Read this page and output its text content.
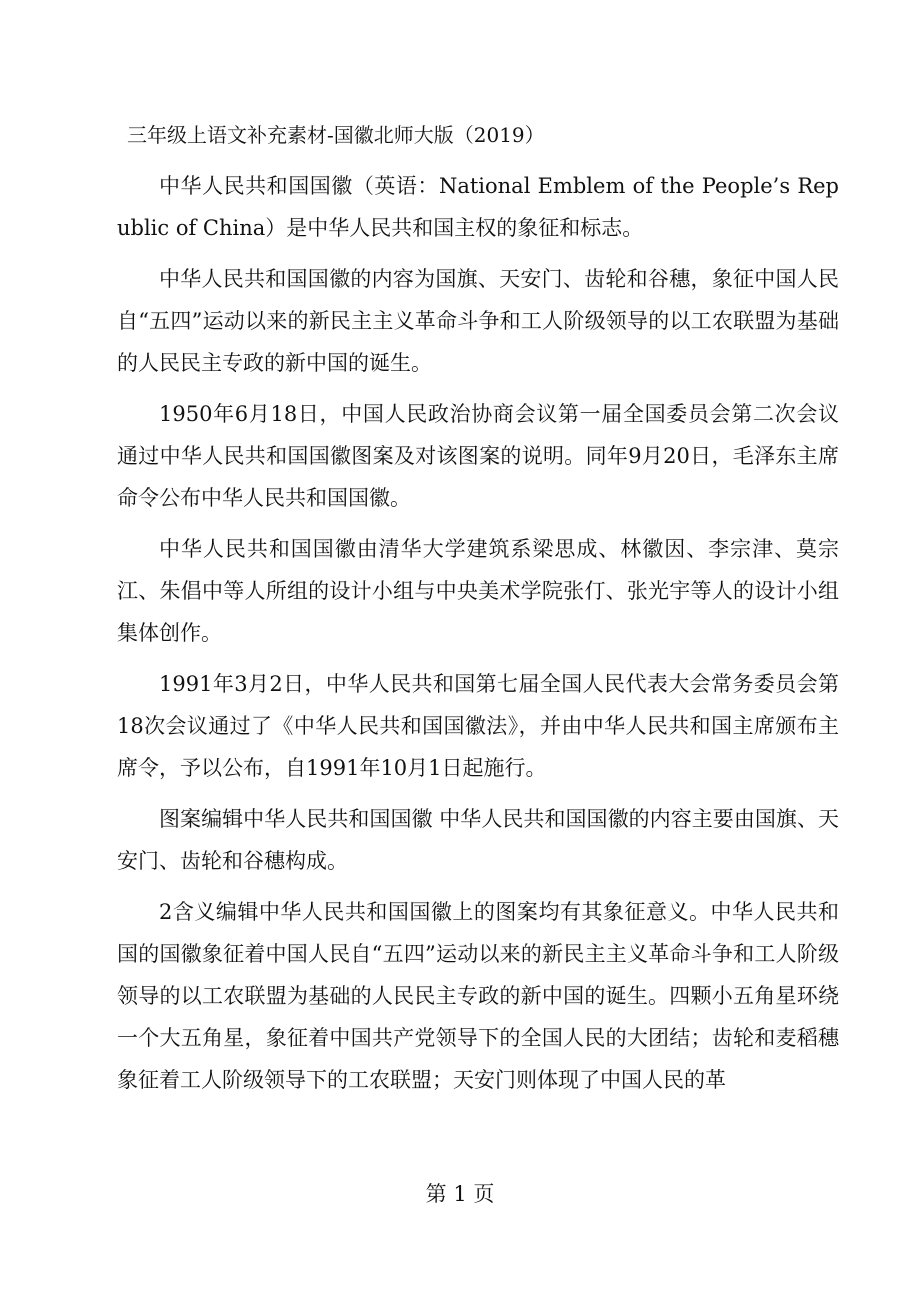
三年级上语文补充素材-国徽北师大版（2019）

中华人民共和国国徽（英语：National Emblem of the People’s Republic of China）是中华人民共和国主权的象征和标志。

中华人民共和国国徽的内容为国旗、天安门、齿轮和谷穗，象征中国人民自“五四”运动以来的新民主主义革命斗争和工人阶级领导的以工农联盟为基础的人民民主专政的新中国的诞生。

1950年6月18日，中国人民政治协商会议第一届全国委员会第二次会议通过中华人民共和国国徽图案及对该图案的说明。同年9月20日，毛泽东主席命令公布中华人民共和国国徽。

中华人民共和国国徽由清华大学建筑系梁思成、林徽因、李宗津、莫宗江、朱倡中等人所组的设计小组与中央美术学院张仃、张光宇等人的设计小组集体创作。

1991年3月2日，中华人民共和国第七届全国人民代表大会常务委员会第18次会议通过了《中华人民共和国国徽法》，并由中华人民共和国主席颁布主席令，予以公布，自1991年10月1日起施行。

图案编辑中华人民共和国国徽 中华人民共和国国徽的内容主要由国旗、天安门、齿轮和谷穗构成。

2含义编辑中华人民共和国国徽上的图案均有其象征意义。中华人民共和国的国徽象征着中国人民自“五四”运动以来的新民主主义革命斗争和工人阶级领导的以工农联盟为基础的人民民主专政的新中国的诞生。四颗小五角星环绕一个大五角星，象征着中国共产党领导下的全国人民的大团结；齿轮和麦稻穗象征着工人阶级领导下的工农联盟；天安门则体现了中国人民的革

第 1 页
